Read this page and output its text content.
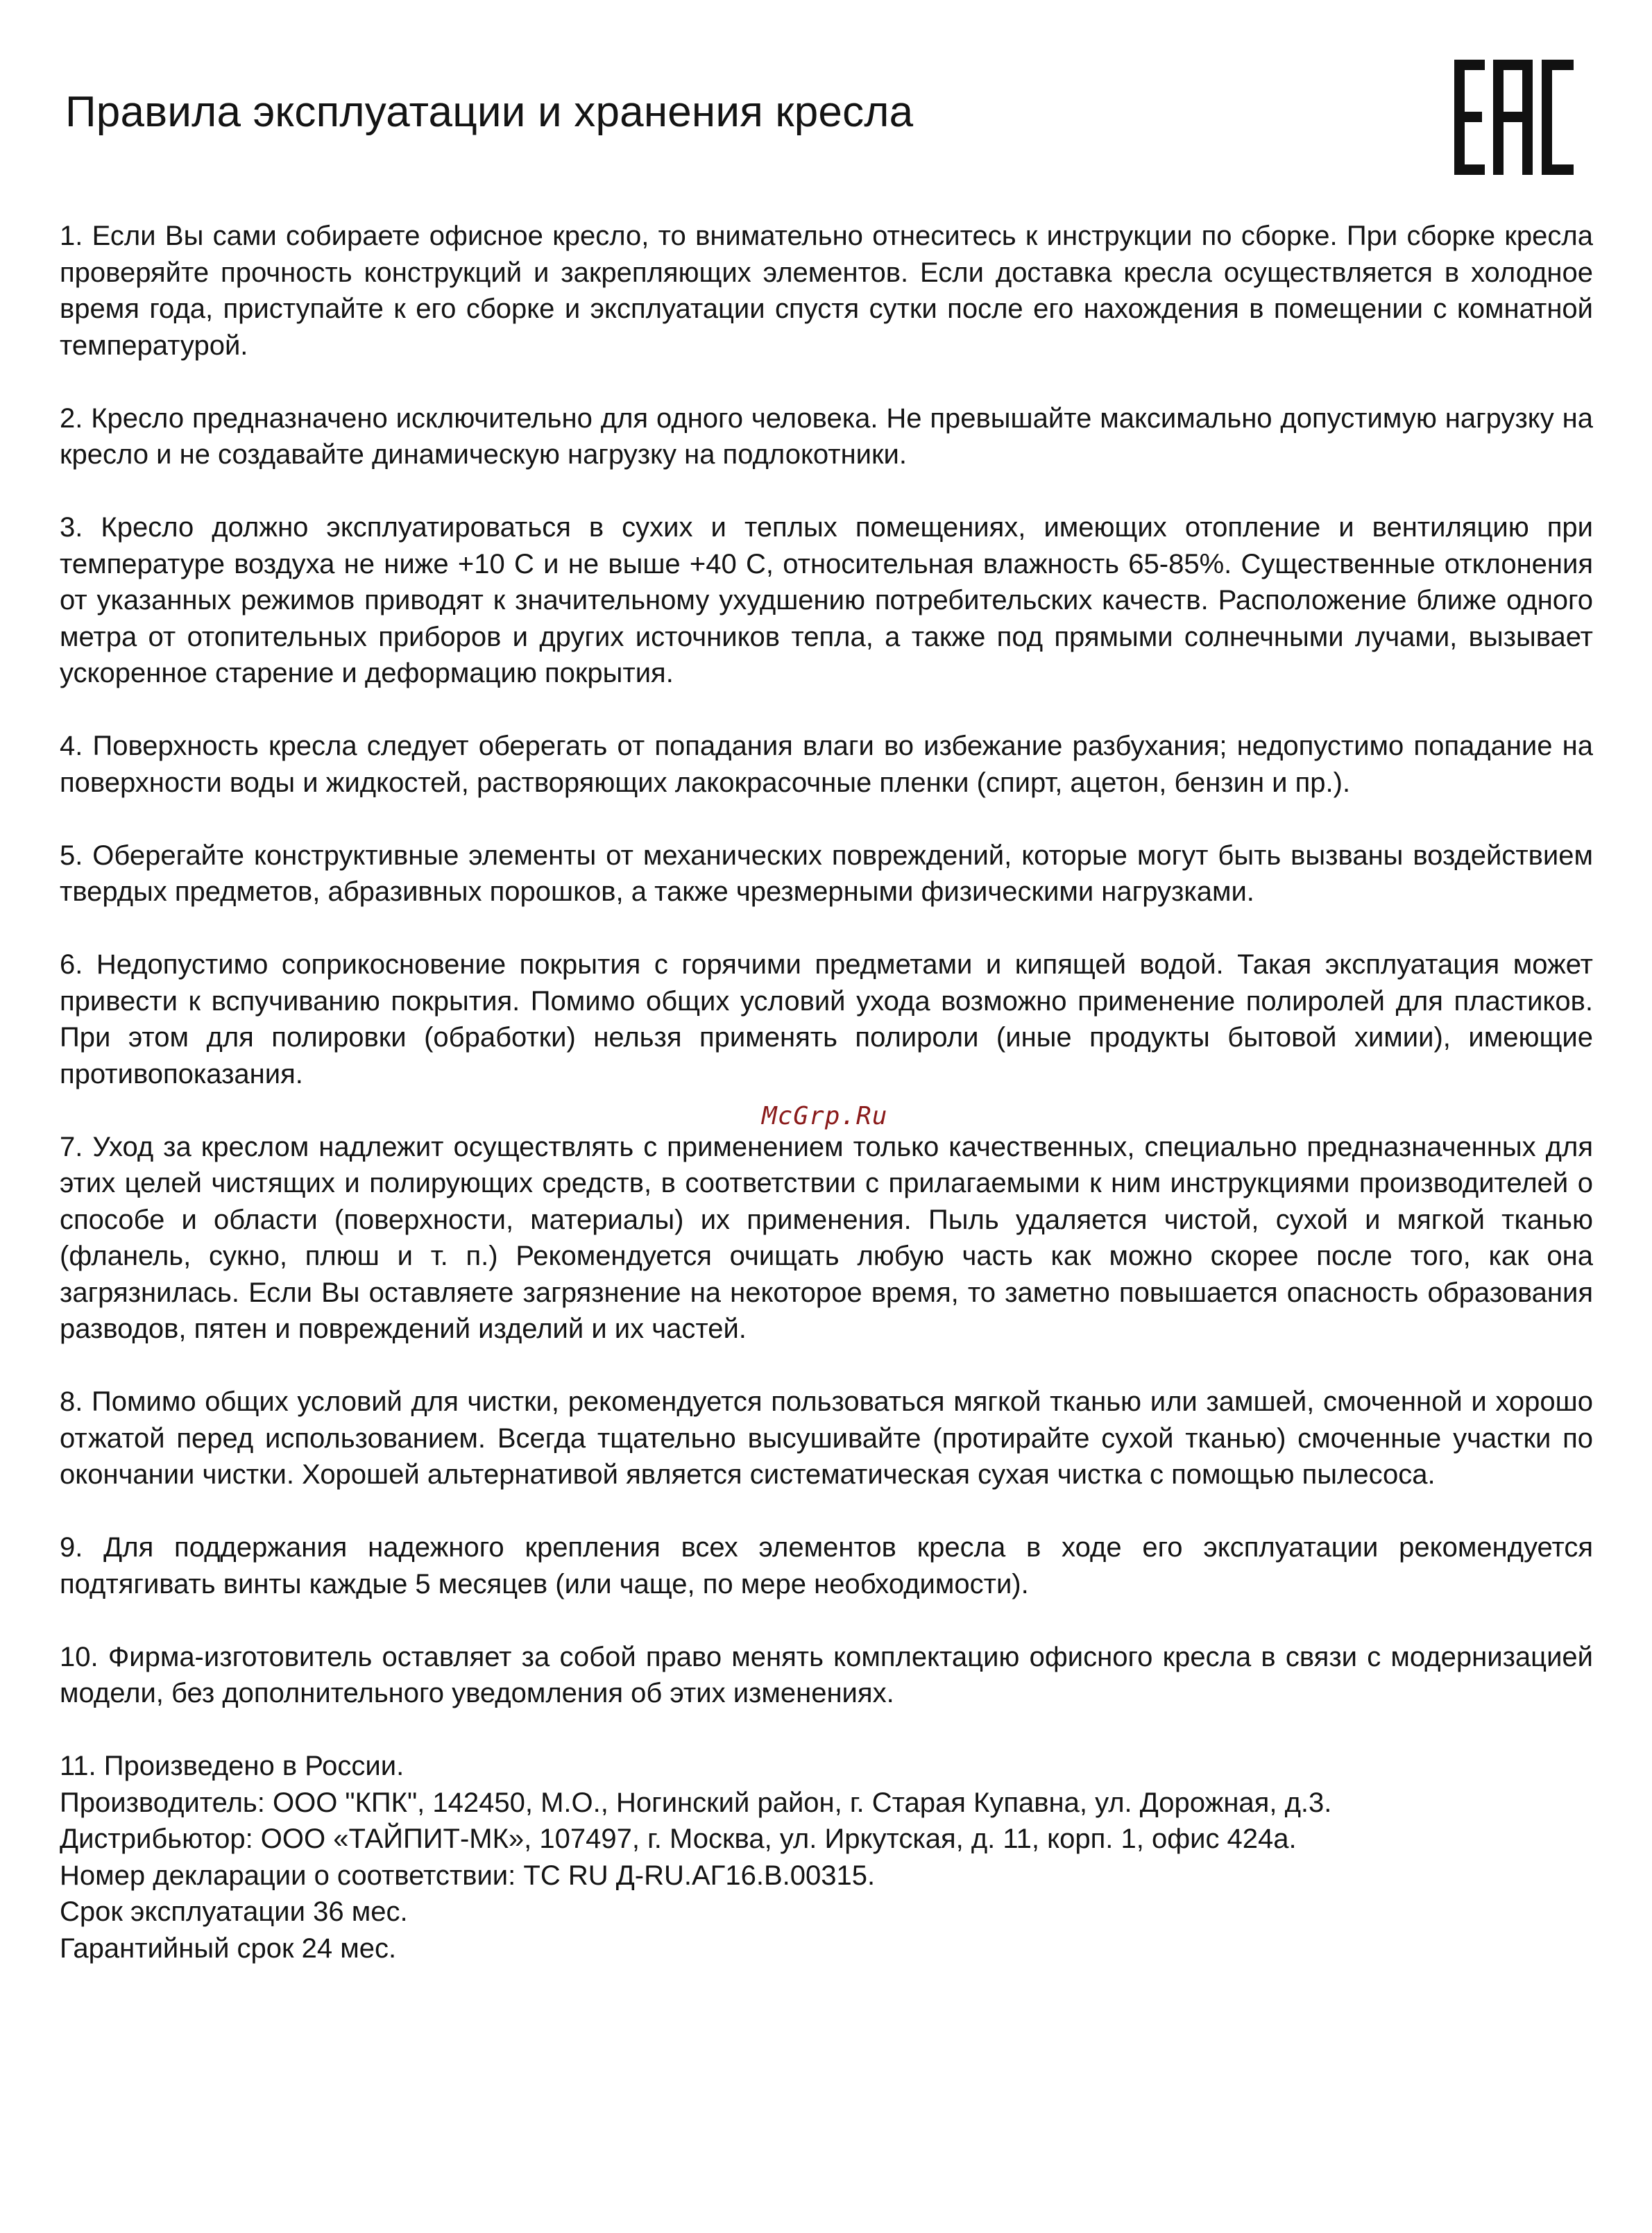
Правила эксплуатации и хранения кресла

1. Если Вы сами собираете офисное кресло, то внимательно отнеситесь к инструкции по сборке. При сборке кресла проверяйте прочность конструкций и закрепляющих элементов. Если доставка кресла осуществляется в холодное время года, приступайте к его сборке и эксплуатации спустя сутки после его нахождения в помещении с комнатной температурой.

2. Кресло предназначено исключительно для одного человека. Не превышайте максимально допустимую нагрузку на кресло и не создавайте динамическую нагрузку на подлокотники.

3. Кресло должно эксплуатироваться в сухих и теплых помещениях, имеющих отопление и вентиляцию при температуре воздуха не ниже +10 С и не выше +40 С, относительная влажность 65-85%. Существенные отклонения от указанных режимов приводят к значительному ухудшению потребительских качеств. Расположение ближе одного метра от отопительных приборов и других источников тепла, а также под прямыми солнечными лучами, вызывает ускоренное старение и деформацию покрытия.

4. Поверхность кресла следует оберегать от попадания влаги во избежание разбухания; недопустимо попадание на поверхности воды и жидкостей, растворяющих лакокрасочные пленки (спирт, ацетон, бензин и пр.).

5. Оберегайте конструктивные элементы от механических повреждений, которые могут быть вызваны воздействием твердых предметов, абразивных порошков, а также чрезмерными физическими нагрузками.

6. Недопустимо соприкосновение покрытия с горячими предметами и кипящей водой. Такая эксплуатация может привести к вспучиванию покрытия. Помимо общих условий ухода возможно применение полиролей для пластиков. При этом для полировки (обработки) нельзя применять полироли (иные продукты бытовой химии), имеющие противопоказания.

7. Уход за креслом надлежит осуществлять с применением только качественных, специально предназначенных для этих целей чистящих и полирующих средств, в соответствии с прилагаемыми к ним инструкциями производителей о способе и области (поверхности, материалы) их применения. Пыль удаляется чистой, сухой и мягкой тканью (фланель, сукно, плюш и т. п.) Рекомендуется очищать любую часть как можно скорее после того, как она загрязнилась. Если Вы оставляете загрязнение на некоторое время, то заметно повышается опасность образования разводов, пятен и повреждений изделий и их частей.

8. Помимо общих условий для чистки, рекомендуется пользоваться мягкой тканью или замшей, смоченной и хорошо отжатой перед использованием. Всегда тщательно высушивайте (протирайте сухой тканью) смоченные участки по окончании чистки. Хорошей альтернативой является систематическая сухая чистка с помощью пылесоса.

9. Для поддержания надежного крепления всех элементов кресла в ходе его эксплуатации рекомендуется подтягивать винты каждые 5 месяцев (или чаще, по мере необходимости).

10. Фирма-изготовитель оставляет за собой право менять комплектацию офисного кресла в связи с модернизацией модели, без дополнительного уведомления об этих изменениях.

11. Произведено в России.
Производитель: ООО "КПК", 142450, М.О., Ногинский район, г. Старая Купавна, ул. Дорожная, д.3.
Дистрибьютор: ООО «ТАЙПИТ-МК», 107497, г. Москва, ул. Иркутская, д. 11, корп. 1, офис 424а.
Номер декларации о соответствии: ТС RU Д-RU.АГ16.В.00315.
Срок эксплуатации 36 мес.
Гарантийный срок 24 мес.
McGrp.Ru
